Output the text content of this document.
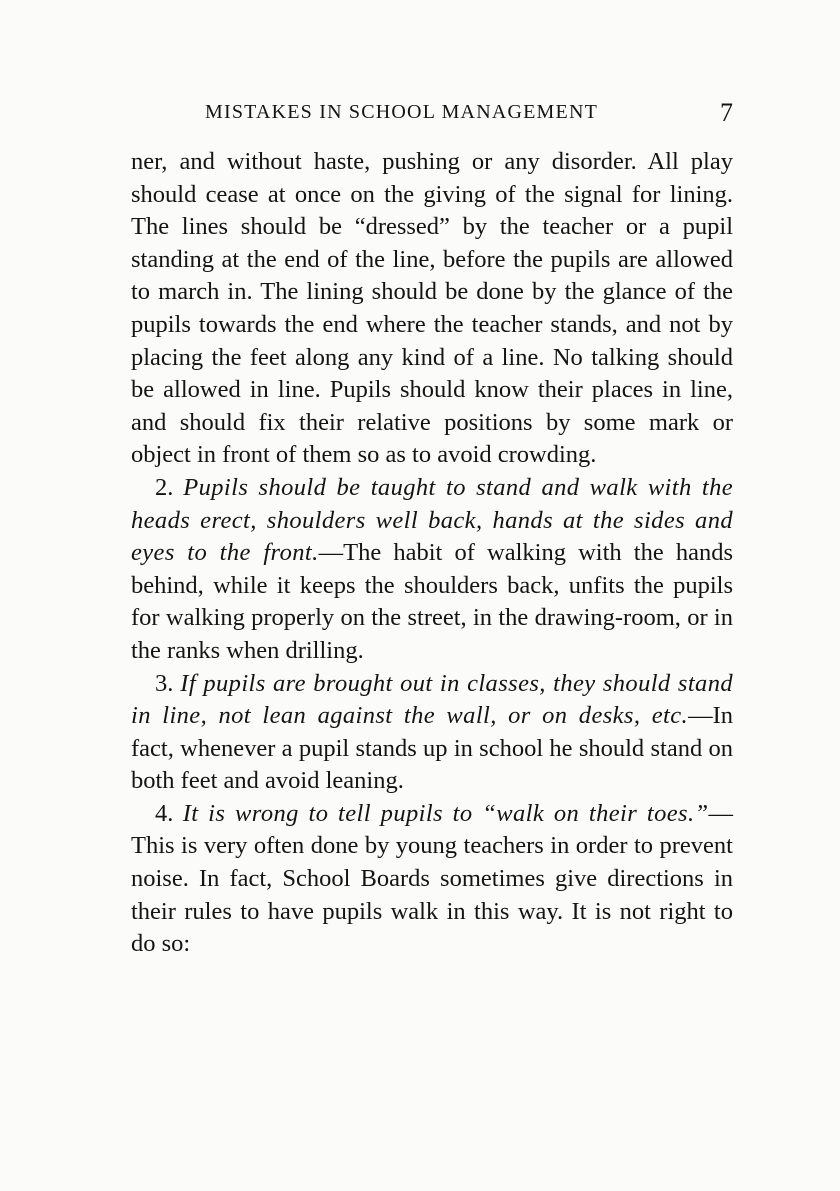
MISTAKES IN SCHOOL MANAGEMENT	7

ner, and without haste, pushing or any disorder. All play should cease at once on the giving of the signal for lining. The lines should be “dressed” by the teacher or a pupil standing at the end of the line, before the pupils are allowed to march in. The lining should be done by the glance of the pupils towards the end where the teacher stands, and not by placing the feet along any kind of a line. No talking should be allowed in line. Pupils should know their places in line, and should fix their relative positions by some mark or object in front of them so as to avoid crowding.

2. Pupils should be taught to stand and walk with the heads erect, shoulders well back, hands at the sides and eyes to the front.—The habit of walking with the hands behind, while it keeps the shoulders back, unfits the pupils for walking properly on the street, in the drawing-room, or in the ranks when drilling.

3. If pupils are brought out in classes, they should stand in line, not lean against the wall, or on desks, etc.—In fact, whenever a pupil stands up in school he should stand on both feet and avoid leaning.

4. It is wrong to tell pupils to “walk on their toes.”—This is very often done by young teachers in order to prevent noise. In fact, School Boards sometimes give directions in their rules to have pupils walk in this way. It is not right to do so:
